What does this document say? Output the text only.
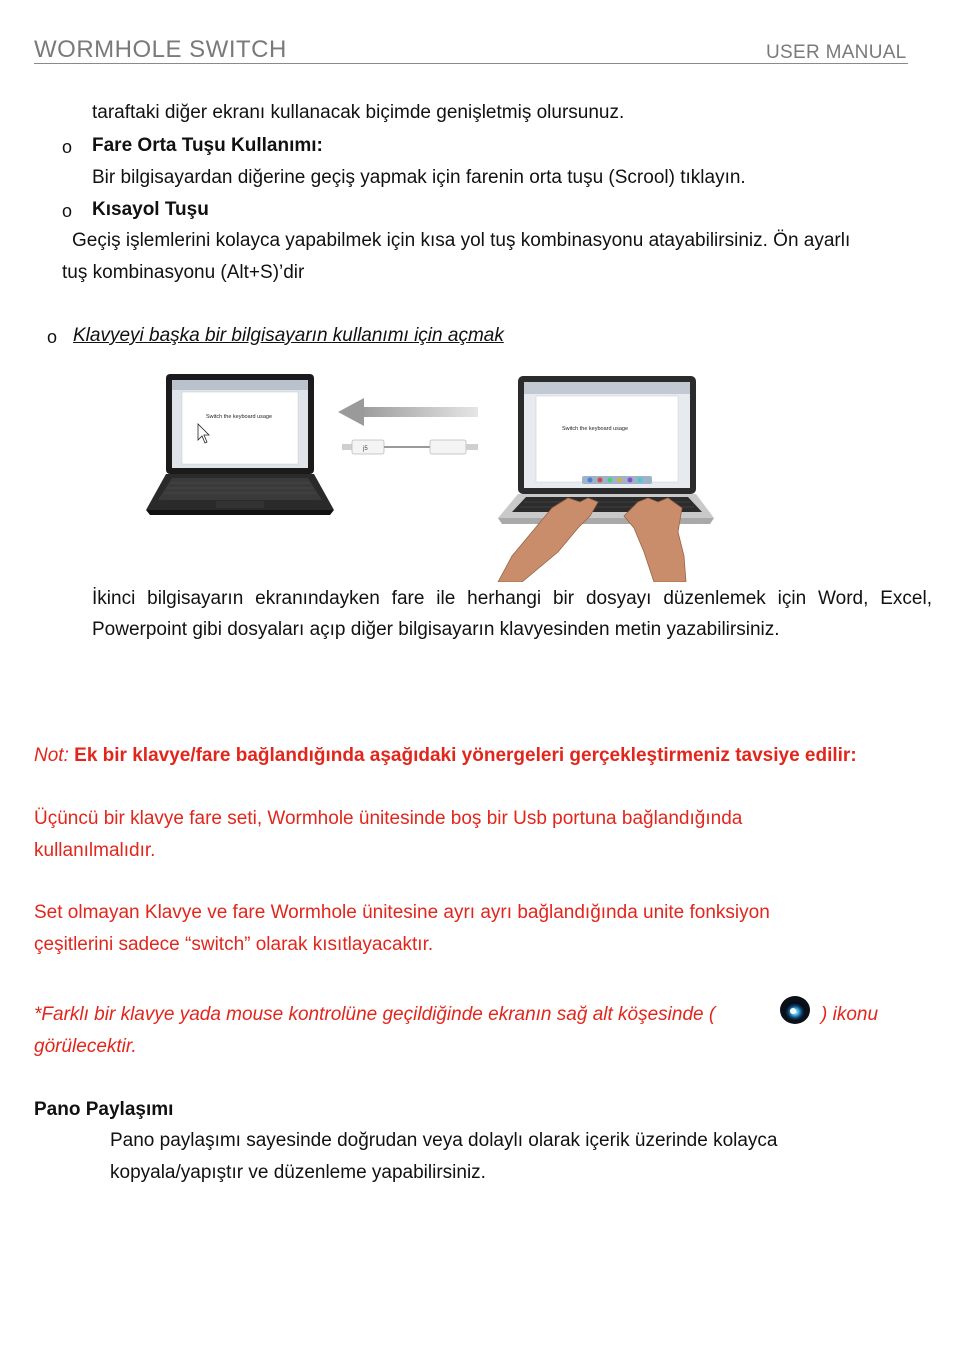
WORMHOLE SWITCH	USER MANUAL
taraftaki diğer ekranı kullanacak biçimde genişletmiş olursunuz.
o Fare Orta Tuşu Kullanımı:
Bir bilgisayardan diğerine geçiş yapmak için farenin orta tuşu (Scrool) tıklayın.
o Kısayol Tuşu
Geçiş işlemlerini kolayca yapabilmek için kısa yol tuş kombinasyonu atayabilirsiniz. Ön ayarlı
tuş kombinasyonu (Alt+S)’dir
o Klavyeyi başka bir bilgisayarın kullanımı için açmak
Switch the keyboard usage
j5
Switch the keyboard usage
İkinci bilgisayarın ekranındayken fare ile herhangi bir dosyayı düzenlemek için Word, Excel,
Powerpoint gibi dosyaları açıp diğer bilgisayarın klavyesinden metin yazabilirsiniz.
Not: Ek bir klavye/fare bağlandığında aşağıdaki yönergeleri gerçekleştirmeniz tavsiye edilir:
Üçüncü bir klavye fare seti, Wormhole ünitesinde boş bir Usb portuna bağlandığında
kullanılmalıdır.
Set olmayan Klavye ve fare Wormhole ünitesine ayrı ayrı bağlandığında unite fonksiyon
çeşitlerini sadece “switch” olarak kısıtlayacaktır.
*Farklı bir klavye yada mouse kontrolüne geçildiğinde ekranın sağ alt köşesinde (	) ikonu
görülecektir.
Pano Paylaşımı
Pano paylaşımı sayesinde doğrudan veya dolaylı olarak içerik üzerinde kolayca
kopyala/yapıştır ve düzenleme yapabilirsiniz.
